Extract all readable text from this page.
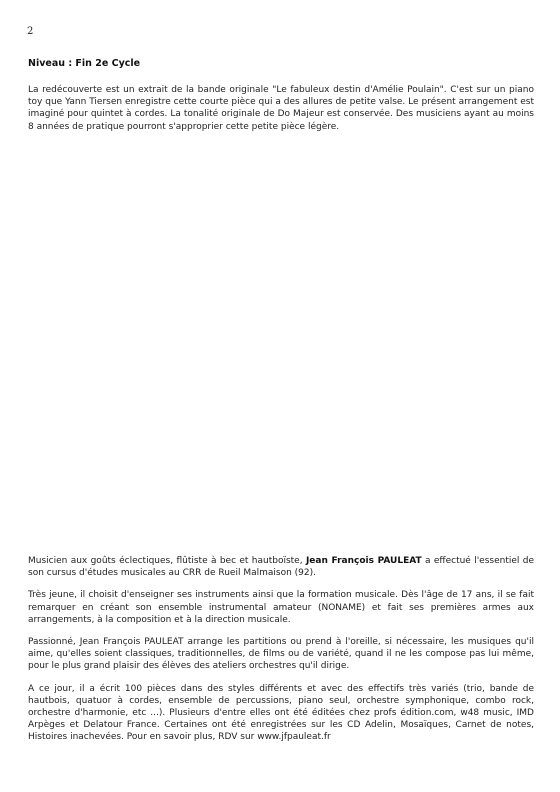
2
Niveau : Fin 2e Cycle
La redécouverte est un extrait de la bande originale "Le fabuleux destin d'Amélie Poulain". C'est sur un piano toy que Yann Tiersen enregistre cette courte pièce qui a des allures de petite valse. Le présent arrangement est imaginé pour quintet à cordes. La tonalité originale de Do Majeur est conservée. Des musiciens ayant au moins 8 années de pratique pourront s'approprier cette petite pièce légère.

Musicien aux goûts éclectiques, flûtiste à bec et hautboïste, Jean François PAULEAT a effectué l'essentiel de son cursus d'études musicales au CRR de Rueil Malmaison (92).

Très jeune, il choisit d'enseigner ses instruments ainsi que la formation musicale. Dès l'âge de 17 ans, il se fait remarquer en créant son ensemble instrumental amateur (NONAME) et fait ses premières armes aux arrangements, à la composition et à la direction musicale.

Passionné, Jean François PAULEAT arrange les partitions ou prend à l'oreille, si nécessaire, les musiques qu'il aime, qu'elles soient classiques, traditionnelles, de films ou de variété, quand il ne les compose pas lui même, pour le plus grand plaisir des élèves des ateliers orchestres qu'il dirige.

A ce jour, il a écrit 100 pièces dans des styles différents et avec des effectifs très variés (trio, bande de hautbois, quatuor à cordes, ensemble de percussions, piano seul, orchestre symphonique, combo rock, orchestre d'harmonie, etc ...). Plusieurs d'entre elles ont été éditées chez profs édition.com, w48 music, IMD Arpèges et Delatour France. Certaines ont été enregistrées sur les CD Adelin, Mosaïques, Carnet de notes, Histoires inachevées. Pour en savoir plus, RDV sur www.jfpauleat.fr
